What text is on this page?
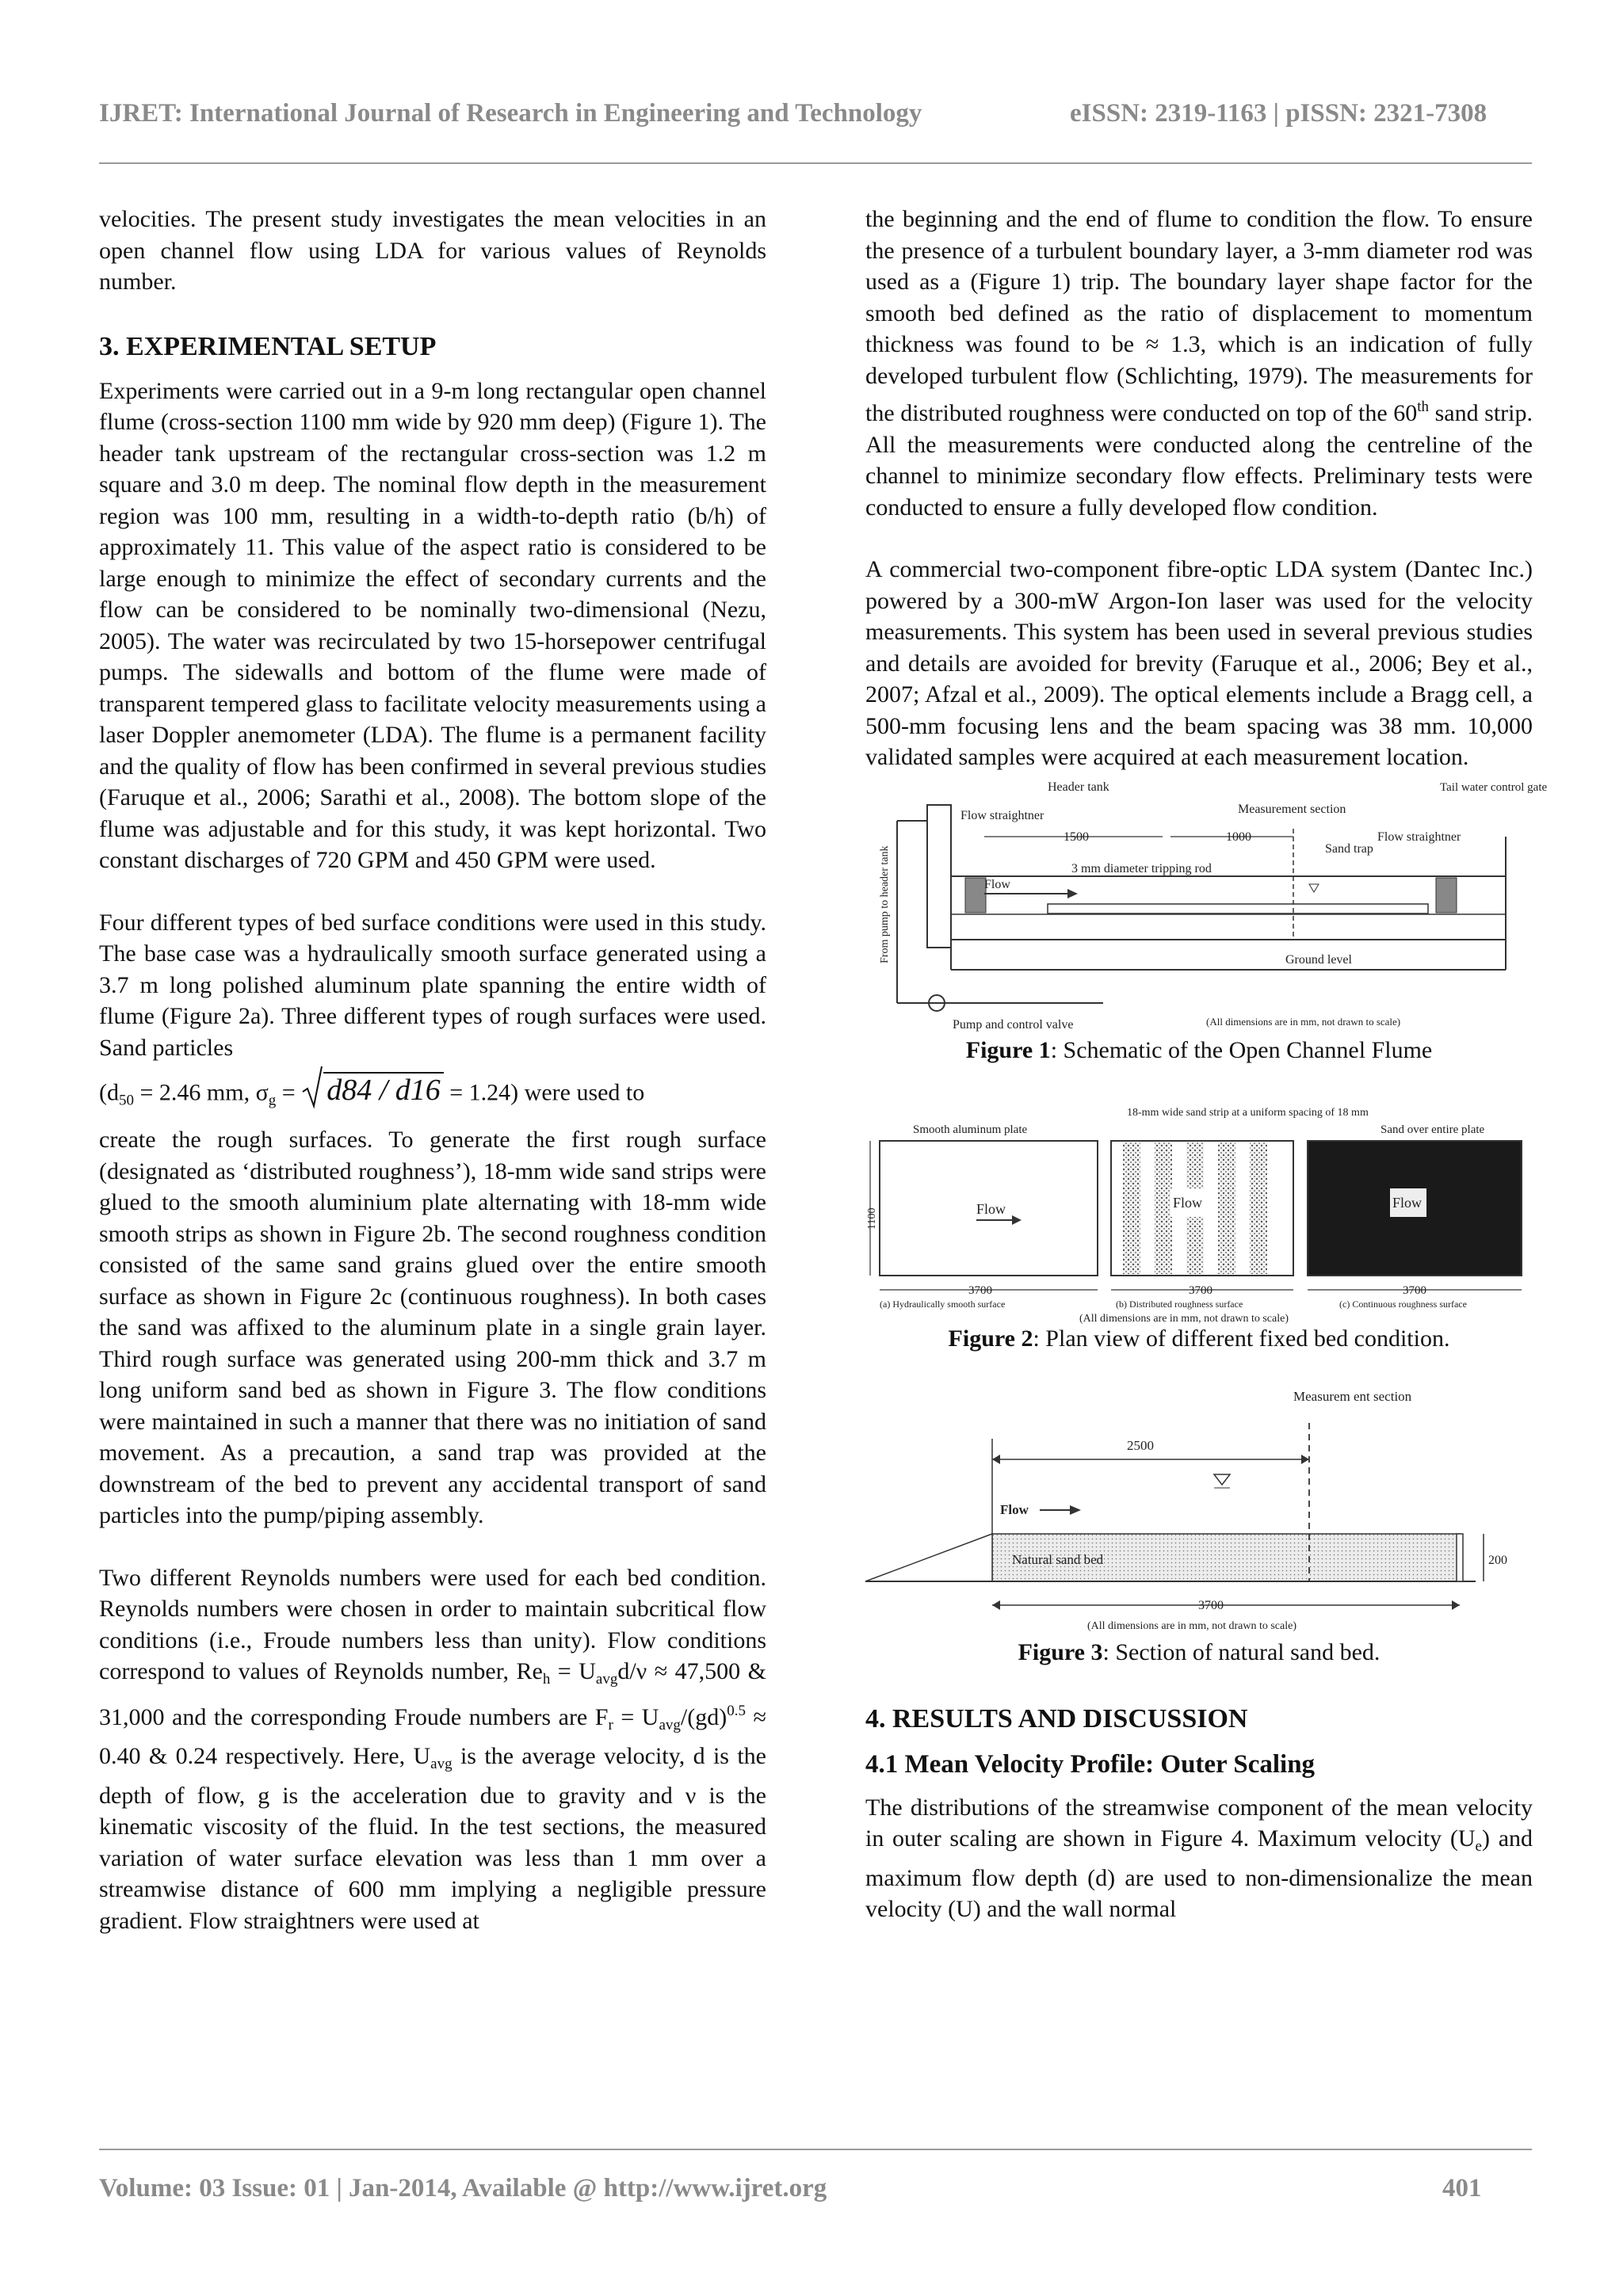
IJRET: International Journal of Research in Engineering and Technology	eISSN: 2319-1163 | pISSN: 2321-7308

velocities. The present study investigates the mean velocities in an open channel flow using LDA for various values of Reynolds number.

3. EXPERIMENTAL SETUP

Experiments were carried out in a 9-m long rectangular open channel flume (cross-section 1100 mm wide by 920 mm deep) (Figure 1). The header tank upstream of the rectangular cross-section was 1.2 m square and 3.0 m deep. The nominal flow depth in the measurement region was 100 mm, resulting in a width-to-depth ratio (b/h) of approximately 11. This value of the aspect ratio is considered to be large enough to minimize the effect of secondary currents and the flow can be considered to be nominally two-dimensional (Nezu, 2005). The water was recirculated by two 15-horsepower centrifugal pumps. The sidewalls and bottom of the flume were made of transparent tempered glass to facilitate velocity measurements using a laser Doppler anemometer (LDA). The flume is a permanent facility and the quality of flow has been confirmed in several previous studies (Faruque et al., 2006; Sarathi et al., 2008). The bottom slope of the flume was adjustable and for this study, it was kept horizontal. Two constant discharges of 720 GPM and 450 GPM were used.

Four different types of bed surface conditions were used in this study. The base case was a hydraulically smooth surface generated using a 3.7 m long polished aluminum plate spanning the entire width of flume (Figure 2a). Three different types of rough surfaces were used. Sand particles

($d_{50} = 2.46$ mm, $\sigma_g = d84 / d16 = 1.24$) were used to

create the rough surfaces. To generate the first rough surface (designated as ‘distributed roughness’), 18-mm wide sand strips were glued to the smooth aluminium plate alternating with 18-mm wide smooth strips as shown in Figure 2b. The second roughness condition consisted of the same sand grains glued over the entire smooth surface as shown in Figure 2c (continuous roughness). In both cases the sand was affixed to the aluminum plate in a single grain layer. Third rough surface was generated using 200-mm thick and 3.7 m long uniform sand bed as shown in Figure 3. The flow conditions were maintained in such a manner that there was no initiation of sand movement. As a precaution, a sand trap was provided at the downstream of the bed to prevent any accidental transport of sand particles into the pump/piping assembly.

Two different Reynolds numbers were used for each bed condition. Reynolds numbers were chosen in order to maintain subcritical flow conditions (i.e., Froude numbers less than unity). Flow conditions correspond to values of Reynolds number, $Re_h = U_{avg}d/\nu \approx 47,500$ & 31,000 and the corresponding Froude numbers are $F_r = U_{avg}/(gd)^{0.5} \approx 0.40$ & 0.24 respectively. Here, $U_{avg}$ is the average velocity, d is the depth of flow, g is the acceleration due to gravity and ν is the kinematic viscosity of the fluid. In the test sections, the measured variation of water surface elevation was less than 1 mm over a streamwise distance of 600 mm implying a negligible pressure gradient. Flow straightners were used at

the beginning and the end of flume to condition the flow. To ensure the presence of a turbulent boundary layer, a 3-mm diameter rod was used as a (Figure 1) trip. The boundary layer shape factor for the smooth bed defined as the ratio of displacement to momentum thickness was found to be ≈ 1.3, which is an indication of fully developed turbulent flow (Schlichting, 1979). The measurements for the distributed roughness were conducted on top of the 60th sand strip. All the measurements were conducted along the centreline of the channel to minimize secondary flow effects. Preliminary tests were conducted to ensure a fully developed flow condition.

A commercial two-component fibre-optic LDA system (Dantec Inc.) powered by a 300-mW Argon-Ion laser was used for the velocity measurements. This system has been used in several previous studies and details are avoided for brevity (Faruque et al., 2006; Bey et al., 2007; Afzal et al., 2009). The optical elements include a Bragg cell, a 500-mm focusing lens and the beam spacing was 38 mm. 10,000 validated samples were acquired at each measurement location.

Header tank
Flow straightner	Measurement section
Tail water control gate
1500	1000
Sand trap
Flow straightner
3 mm diameter tripping rod
Flow
Ground level
From pump to header tank
Pump and control valve	(All dimensions are in mm, not drawn to scale)

Figure 1: Schematic of the Open Channel Flume

Smooth aluminum plate
18-mm wide sand strip at a uniform spacing of 18 mm
Sand over entire plate
Flow	Flow	Flow
1100
3700	3700	3700
(a) Hydraulically smooth surface	(b) Distributed roughness surface	(c) Continuous roughness surface
(All dimensions are in mm, not drawn to scale)

Figure 2: Plan view of different fixed bed condition.

Measurem ent section
2500
Flow
Natural sand bed	200
3700
(All dimensions are in mm, not drawn to scale)

Figure 3: Section of natural sand bed.

4. RESULTS AND DISCUSSION
4.1 Mean Velocity Profile: Outer Scaling

The distributions of the streamwise component of the mean velocity in outer scaling are shown in Figure 4. Maximum velocity $(U_e)$ and maximum flow depth (d) are used to non-dimensionalize the mean velocity (U) and the wall normal

Volume: 03 Issue: 01 | Jan-2014, Available @ http://www.ijret.org	401
